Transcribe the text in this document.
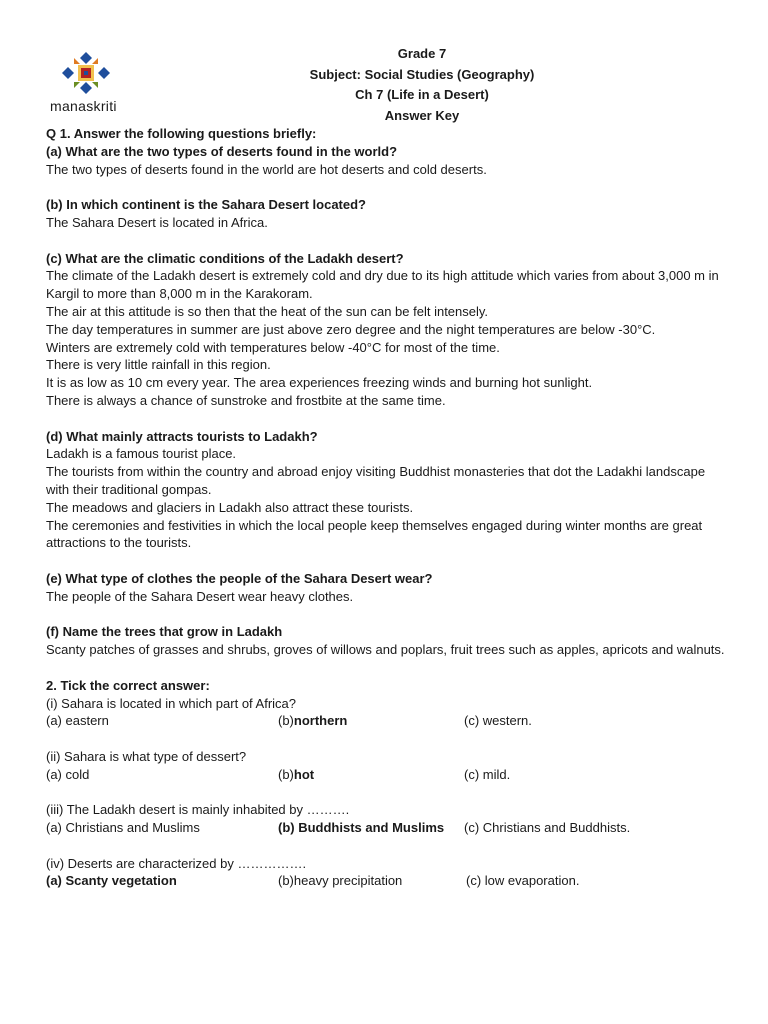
manaskriti
Grade 7
Subject: Social Studies (Geography)
Ch 7 (Life in a Desert)
Answer Key
Q 1. Answer the following questions briefly:
(a) What are the two types of deserts found in the world?
The two types of deserts found in the world are hot deserts and cold deserts.
(b) In which continent is the Sahara Desert located?
The Sahara Desert is located in Africa.
(c) What are the climatic conditions of the Ladakh desert?
The climate of the Ladakh desert is extremely cold and dry due to its high attitude which varies from about 3,000 m in Kargil to more than 8,000 m in the Karakoram.
The air at this attitude is so then that the heat of the sun can be felt intensely.
The day temperatures in summer are just above zero degree and the night temperatures are below -30°C.
Winters are extremely cold with temperatures below -40°C for most of the time.
There is very little rainfall in this region.
It is as low as 10 cm every year. The area experiences freezing winds and burning hot sunlight.
There is always a chance of sunstroke and frostbite at the same time.
(d) What mainly attracts tourists to Ladakh?
Ladakh is a famous tourist place.
The tourists from within the country and abroad enjoy visiting Buddhist monasteries that dot the Ladakhi landscape with their traditional gompas.
The meadows and glaciers in Ladakh also attract these tourists.
The ceremonies and festivities in which the local people keep themselves engaged during winter months are great attractions to the tourists.
(e) What type of clothes the people of the Sahara Desert wear?
The people of the Sahara Desert wear heavy clothes.
(f) Name the trees that grow in Ladakh
Scanty patches of grasses and shrubs, groves of willows and poplars, fruit trees such as apples, apricots and walnuts.
2. Tick the correct answer:
(i) Sahara is located in which part of Africa?
(a) eastern	(b)northern	(c) western.
(ii) Sahara is what type of dessert?
(a) cold	(b)hot	(c) mild.
(iii) The Ladakh desert is mainly inhabited by ……….
(a) Christians and Muslims	(b) Buddhists and Muslims (c) Christians and Buddhists.
(iv) Deserts are characterized by …………….
(a) Scanty vegetation	(b)heavy precipitation	(c) low evaporation.
